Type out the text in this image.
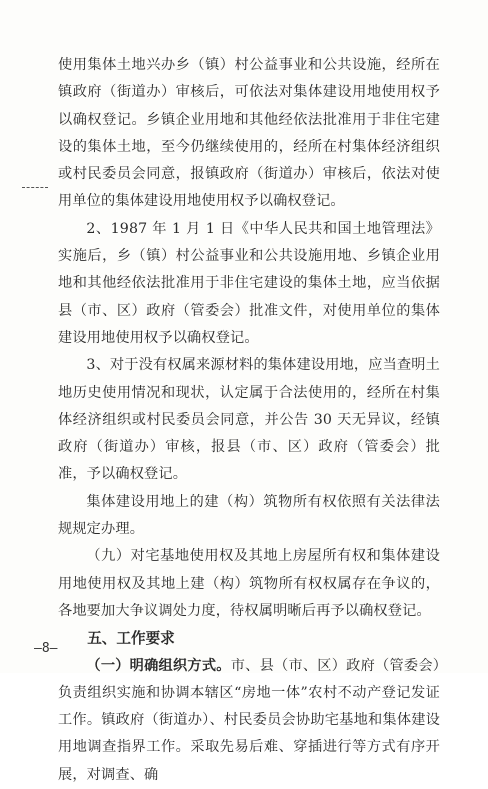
使用集体土地兴办乡（镇）村公益事业和公共设施，经所在镇政府（街道办）审核后，可依法对集体建设用地使用权予以确权登记。乡镇企业用地和其他经依法批准用于非住宅建设的集体土地，至今仍继续使用的，经所在村集体经济组织或村民委员会同意，报镇政府（街道办）审核后，依法对使用单位的集体建设用地使用权予以确权登记。

2、1987 年 1 月 1 日《中华人民共和国土地管理法》实施后，乡（镇）村公益事业和公共设施用地、乡镇企业用地和其他经依法批准用于非住宅建设的集体土地，应当依据县（市、区）政府（管委会）批准文件，对使用单位的集体建设用地使用权予以确权登记。

3、对于没有权属来源材料的集体建设用地，应当查明土地历史使用情况和现状，认定属于合法使用的，经所在村集体经济组织或村民委员会同意，并公告 30 天无异议，经镇政府（街道办）审核，报县（市、区）政府（管委会）批准，予以确权登记。

集体建设用地上的建（构）筑物所有权依照有关法律法规规定办理。

（九）对宅基地使用权及其地上房屋所有权和集体建设用地使用权及其地上建（构）筑物所有权权属存在争议的，各地要加大争议调处力度，待权属明晰后再予以确权登记。

五、工作要求

（一）明确组织方式。市、县（市、区）政府（管委会）负责组织实施和协调本辖区“房地一体”农村不动产登记发证工作。镇政府（街道办）、村民委员会协助宅基地和集体建设用地调查指界工作。采取先易后难、穿插进行等方式有序开展，对调查、确

—8—
